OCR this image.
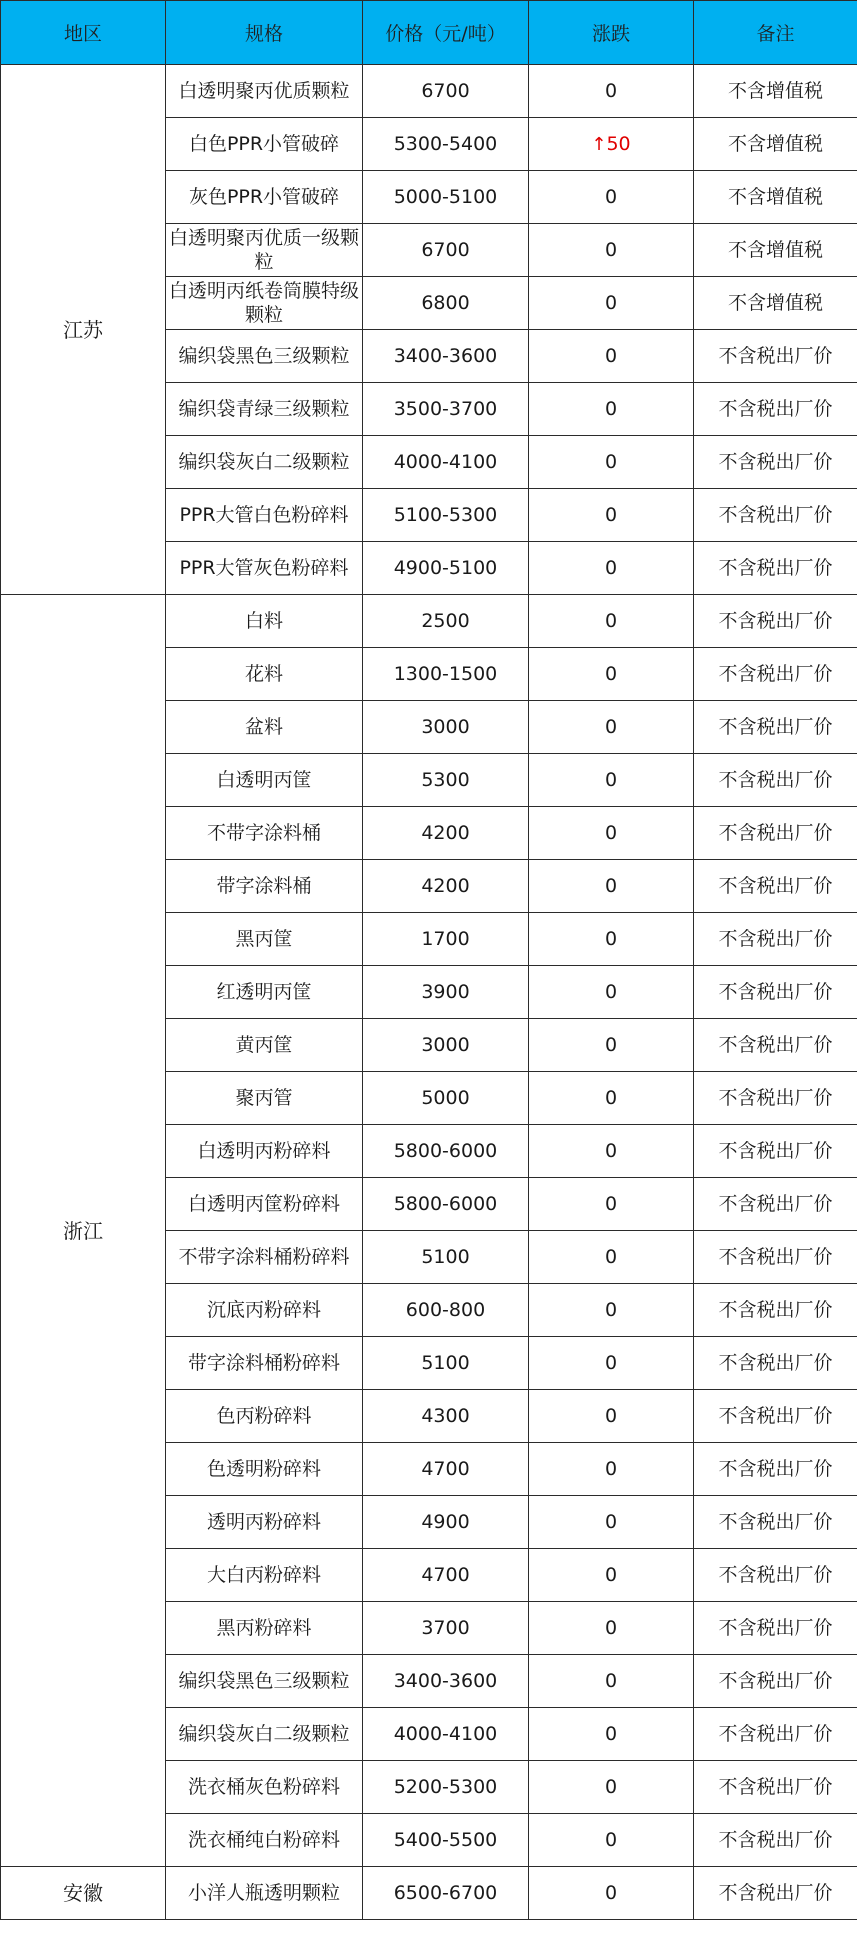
地区	规格	价格（元/吨）	涨跌	备注
江苏	白透明聚丙优质颗粒	6700	0	不含增值税
	白色PPR小管破碎	5300-5400	↑50	不含增值税
	灰色PPR小管破碎	5000-5100	0	不含增值税
	白透明聚丙优质一级颗粒	6700	0	不含增值税
	白透明丙纸卷筒膜特级颗粒	6800	0	不含增值税
	编织袋黑色三级颗粒	3400-3600	0	不含税出厂价
	编织袋青绿三级颗粒	3500-3700	0	不含税出厂价
	编织袋灰白二级颗粒	4000-4100	0	不含税出厂价
	PPR大管白色粉碎料	5100-5300	0	不含税出厂价
	PPR大管灰色粉碎料	4900-5100	0	不含税出厂价
浙江	白料	2500	0	不含税出厂价
	花料	1300-1500	0	不含税出厂价
	盆料	3000	0	不含税出厂价
	白透明丙筐	5300	0	不含税出厂价
	不带字涂料桶	4200	0	不含税出厂价
	带字涂料桶	4200	0	不含税出厂价
	黑丙筐	1700	0	不含税出厂价
	红透明丙筐	3900	0	不含税出厂价
	黄丙筐	3000	0	不含税出厂价
	聚丙管	5000	0	不含税出厂价
	白透明丙粉碎料	5800-6000	0	不含税出厂价
	白透明丙筐粉碎料	5800-6000	0	不含税出厂价
	不带字涂料桶粉碎料	5100	0	不含税出厂价
	沉底丙粉碎料	600-800	0	不含税出厂价
	带字涂料桶粉碎料	5100	0	不含税出厂价
	色丙粉碎料	4300	0	不含税出厂价
	色透明粉碎料	4700	0	不含税出厂价
	透明丙粉碎料	4900	0	不含税出厂价
	大白丙粉碎料	4700	0	不含税出厂价
	黑丙粉碎料	3700	0	不含税出厂价
	编织袋黑色三级颗粒	3400-3600	0	不含税出厂价
	编织袋灰白二级颗粒	4000-4100	0	不含税出厂价
	洗衣桶灰色粉碎料	5200-5300	0	不含税出厂价
	洗衣桶纯白粉碎料	5400-5500	0	不含税出厂价
安徽	小洋人瓶透明颗粒	6500-6700	0	不含税出厂价
